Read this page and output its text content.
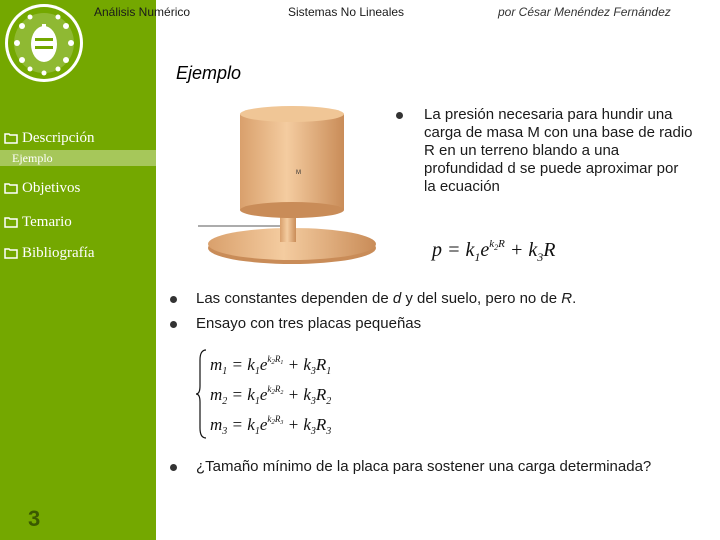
Análisis Numérico	Sistemas No Lineales	por César Menéndez Fernández
Ejemplo
Descripción
Ejemplo
Objetivos
Temario
Bibliografía
3
M
La presión necesaria para hundir una carga de masa M con una base de radio R en un terreno blando a una profundidad d se puede aproximar por la ecuación
$p = k_1e^k2R + k_3R$
Las constantes dependen de d y del suelo, pero no de R.
Ensayo con tres placas pequeñas
$m_1 = k_1e^k2R1 + k_3R_1$
$m_2 = k_1e^k2R2 + k_3R_2$
$m_3 = k_1e^k2R3 + k_3R_3$
¿Tamaño mínimo de la placa para sostener una carga determinada?
